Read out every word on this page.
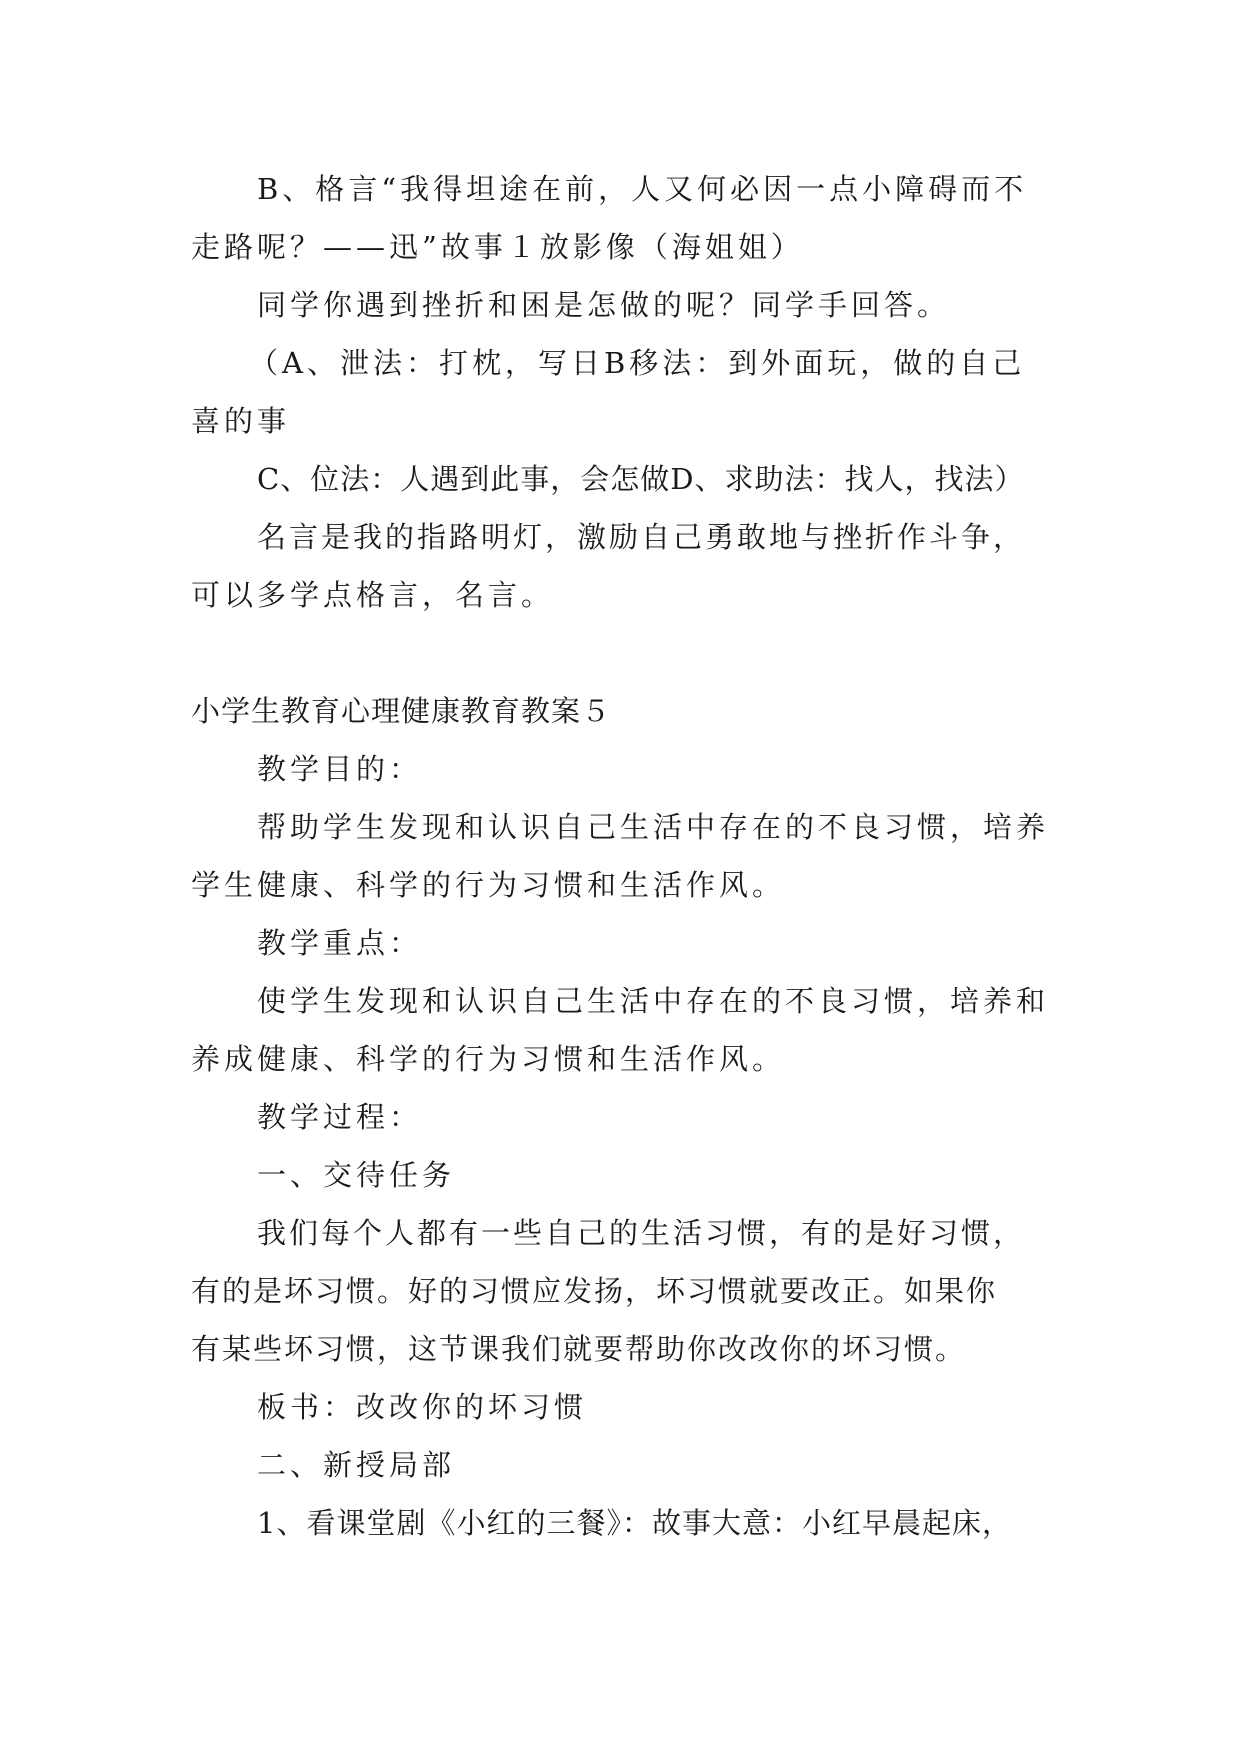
B、格言“我得坦途在前，人又何必因一点小障碍而不

走路呢？——迅”故事１放影像（海姐姐）

同学你遇到挫折和困是怎做的呢？同学手回答。

（A、泄法：打枕，写日B移法：到外面玩，做的自己

喜的事

C、位法：人遇到此事，会怎做D、求助法：找人，找法）

名言是我的指路明灯，激励自己勇敢地与挫折作斗争，

可以多学点格言，名言。

小学生教育心理健康教育教案５

教学目的：

帮助学生发现和认识自己生活中存在的不良习惯，培养

学生健康、科学的行为习惯和生活作风。

教学重点：

使学生发现和认识自己生活中存在的不良习惯，培养和

养成健康、科学的行为习惯和生活作风。

教学过程：

一、交待任务

我们每个人都有一些自己的生活习惯，有的是好习惯，

有的是坏习惯。好的习惯应发扬，坏习惯就要改正。如果你

有某些坏习惯，这节课我们就要帮助你改改你的坏习惯。

板书：改改你的坏习惯

二、新授局部

1、看课堂剧《小红的三餐》：故事大意：小红早晨起床，
